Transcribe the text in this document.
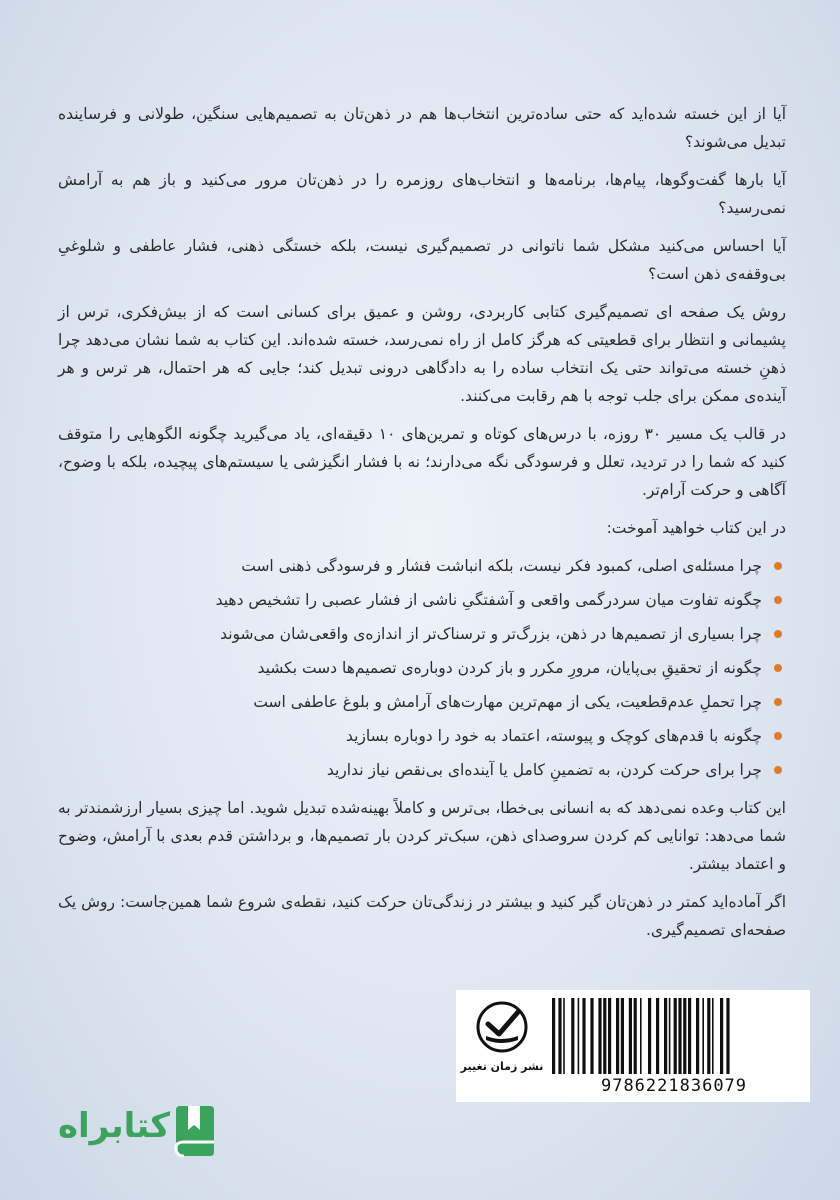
آیا از این خسته شده‌اید که حتی ساده‌ترین انتخاب‌ها هم در ذهن‌تان به تصمیم‌هایی سنگین، طولانی و فرساینده تبدیل می‌شوند؟

آیا بارها گفت‌وگوها، پیام‌ها، برنامه‌ها و انتخاب‌های روزمره را در ذهن‌تان مرور می‌کنید و باز هم به آرامش نمی‌رسید؟

آیا احساس می‌کنید مشکل شما ناتوانی در تصمیم‌گیری نیست، بلکه خستگی ذهنی، فشار عاطفی و شلوغیِ بی‌وقفه‌ی ذهن است؟

روش یک صفحه ای تصمیم‌گیری کتابی کاربردی، روشن و عمیق برای کسانی است که از بیش‌فکری، ترس از پشیمانی و انتظار برای قطعیتی که هرگز کامل از راه نمی‌رسد، خسته شده‌اند. این کتاب به شما نشان می‌دهد چرا ذهنِ خسته می‌تواند حتی یک انتخاب ساده را به دادگاهی درونی تبدیل کند؛ جایی که هر احتمال، هر ترس و هر آینده‌ی ممکن برای جلب توجه با هم رقابت می‌کنند.

در قالب یک مسیر ۳۰ روزه، با درس‌های کوتاه و تمرین‌های ۱۰ دقیقه‌ای، یاد می‌گیرید چگونه الگوهایی را متوقف کنید که شما را در تردید، تعلل و فرسودگی نگه می‌دارند؛ نه با فشار انگیزشی یا سیستم‌های پیچیده، بلکه با وضوح، آگاهی و حرکت آرام‌تر.

در این کتاب خواهید آموخت:

چرا مسئله‌ی اصلی، کمبود فکر نیست، بلکه انباشت فشار و فرسودگی ذهنی است
چگونه تفاوت میان سردرگمی واقعی و آشفتگیِ ناشی از فشار عصبی را تشخیص دهید
چرا بسیاری از تصمیم‌ها در ذهن، بزرگ‌تر و ترسناک‌تر از اندازه‌ی واقعی‌شان می‌شوند
چگونه از تحقیقِ بی‌پایان، مرورِ مکرر و باز کردن دوباره‌ی تصمیم‌ها دست بکشید
چرا تحملِ عدم‌قطعیت، یکی از مهم‌ترین مهارت‌های آرامش و بلوغ عاطفی است
چگونه با قدم‌های کوچک و پیوسته، اعتماد به خود را دوباره بسازید
چرا برای حرکت کردن، به تضمینِ کامل یا آینده‌ای بی‌نقص نیاز ندارید

این کتاب وعده نمی‌دهد که به انسانی بی‌خطا، بی‌ترس و کاملاً بهینه‌شده تبدیل شوید. اما چیزی بسیار ارزشمندتر به شما می‌دهد: توانایی کم کردن سروصدای ذهن، سبک‌تر کردن بار تصمیم‌ها، و برداشتن قدم بعدی با آرامش، وضوح و اعتماد بیشتر.

اگر آماده‌اید کمتر در ذهن‌تان گیر کنید و بیشتر در زندگی‌تان حرکت کنید، نقطه‌ی شروع شما همین‌جاست: روش یک صفحه‌ای تصمیم‌گیری.

نشر زمان تغییر
9786221836079
کتابراه
